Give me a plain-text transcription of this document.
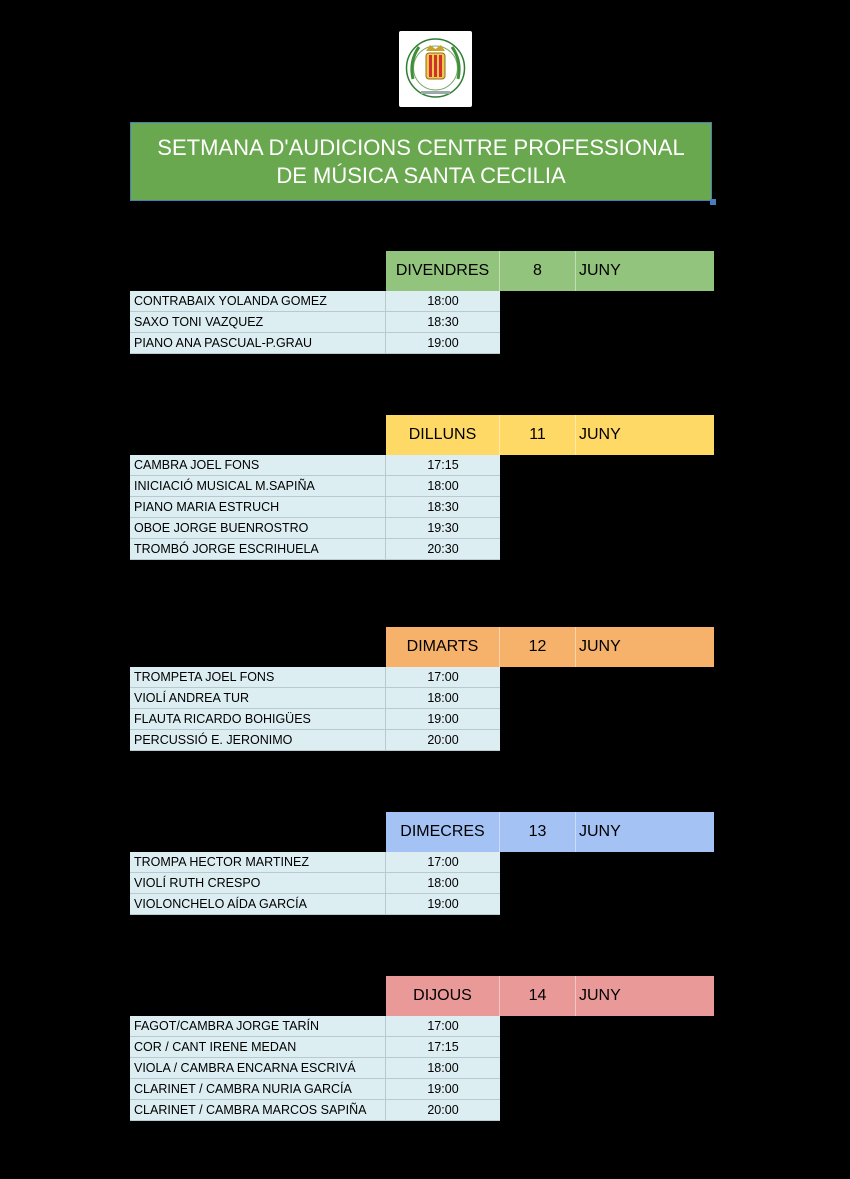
SETMANA D'AUDICIONS CENTRE PROFESSIONAL
DE MÚSICA SANTA CECILIA
DIVENDRES	8	JUNY
CONTRABAIX YOLANDA GOMEZ	18:00
SAXO TONI VAZQUEZ	18:30
PIANO ANA PASCUAL-P.GRAU	19:00
DILLUNS	11	JUNY
CAMBRA JOEL FONS	17:15
INICIACIÓ MUSICAL M.SAPIÑA	18:00
PIANO MARIA ESTRUCH	18:30
OBOE JORGE BUENROSTRO	19:30
TROMBÓ JORGE ESCRIHUELA	20:30
DIMARTS	12	JUNY
TROMPETA JOEL FONS	17:00
VIOLÍ ANDREA TUR	18:00
FLAUTA RICARDO BOHIGÜES	19:00
PERCUSSIÓ E. JERONIMO	20:00
DIMECRES	13	JUNY
TROMPA HECTOR MARTINEZ	17:00
VIOLÍ RUTH CRESPO	18:00
VIOLONCHELO AÍDA GARCÍA	19:00
DIJOUS	14	JUNY
FAGOT/CAMBRA JORGE TARÍN	17:00
COR / CANT IRENE MEDAN	17:15
VIOLA / CAMBRA ENCARNA ESCRIVÁ	18:00
CLARINET / CAMBRA NURIA GARCÍA	19:00
CLARINET / CAMBRA MARCOS SAPIÑA	20:00
